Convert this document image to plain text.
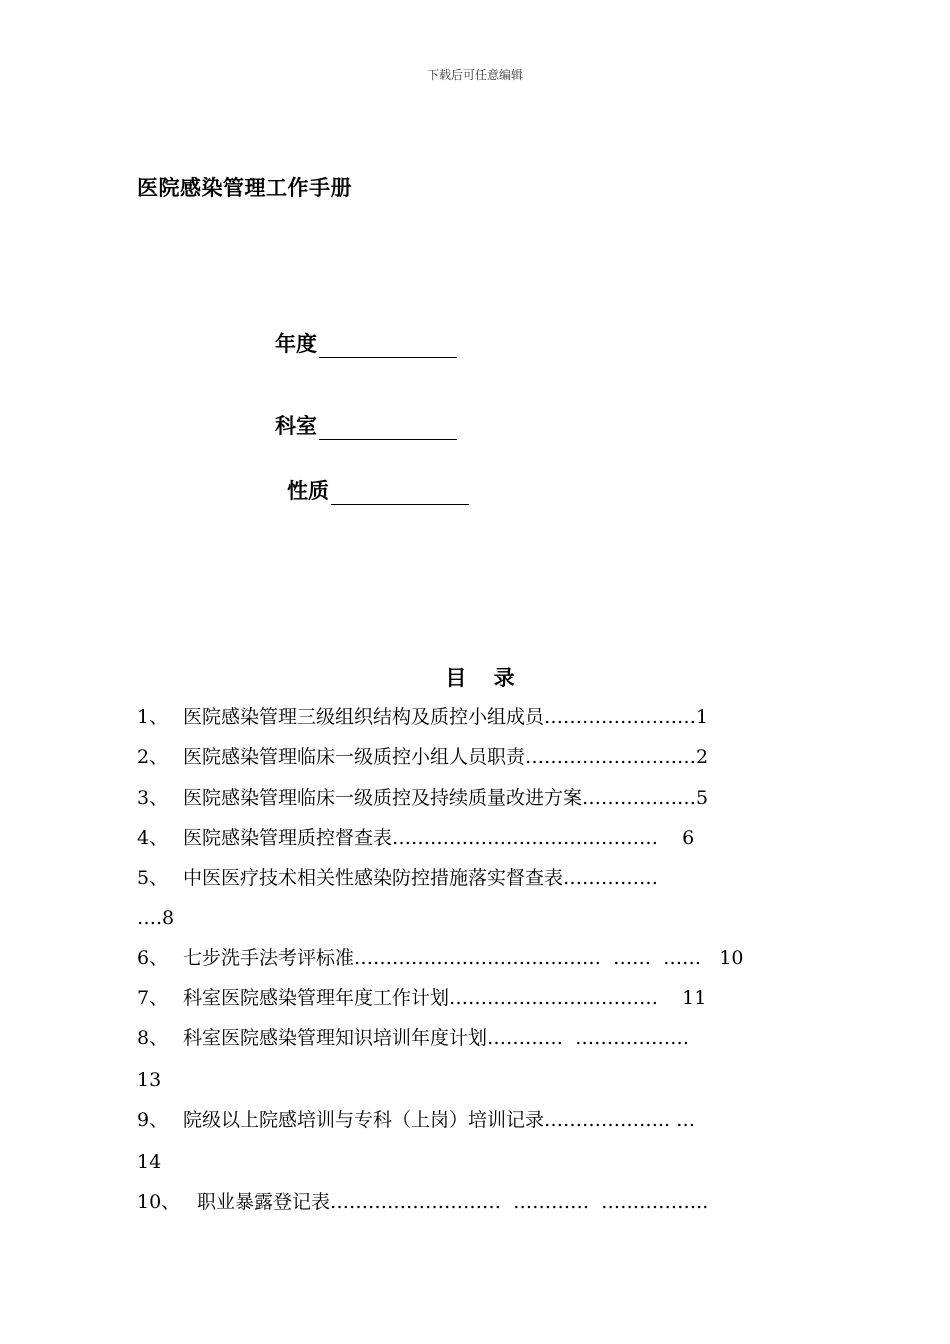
下载后可任意编辑
医院感染管理工作手册
年度
科室
性质
目 录
1、 医院感染管理三级组织结构及质控小组成员……………………1
2、 医院感染管理临床一级质控小组人员职责………………………2
3、 医院感染管理临床一级质控及持续质量改进方案………………5
4、 医院感染管理质控督查表……………………………………    6
5、 中医医疗技术相关性感染防控措施落实督查表……………
….8
6、 七步洗手法考评标准…………………………………  ……  ……   10
7、 科室医院感染管理年度工作计划……………………………    11
8、 科室医院感染管理知识培训年度计划…………  ………………
13
9、 院级以上院感培训与专科（上岗）培训记录……………….. …
14
10、 职业暴露登记表………………………  …………  ……………..
